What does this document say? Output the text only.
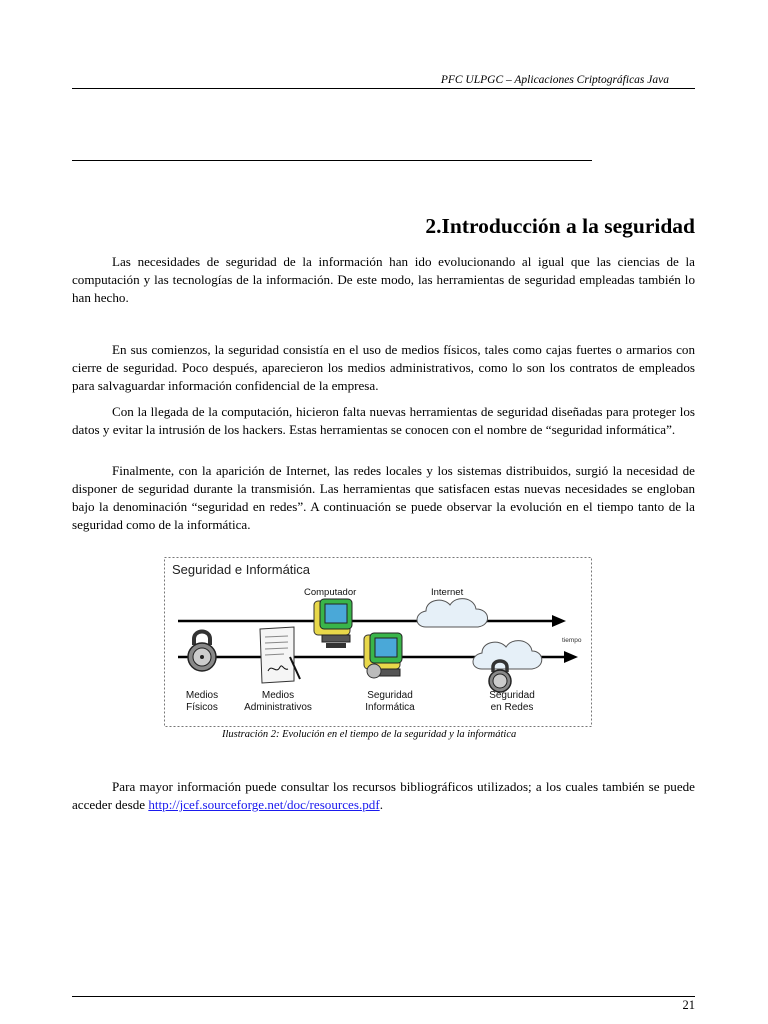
PFC ULPGC – Aplicaciones Criptográficas Java
2.Introducción a la seguridad

Las necesidades de seguridad de la información han ido evolucionando al igual que las ciencias de la computación y las tecnologías de la información. De este modo, las herramientas de seguridad empleadas también lo han hecho.

En sus comienzos, la seguridad consistía en el uso de medios físicos, tales como cajas fuertes o armarios con cierre de seguridad. Poco después, aparecieron los medios administrativos, como lo son los contratos de empleados para salvaguardar información confidencial de la empresa.

Con la llegada de la computación, hicieron falta nuevas herramientas de seguridad diseñadas para proteger los datos y evitar la intrusión de los hackers. Estas herramientas se conocen con el nombre de “seguridad informática”.

Finalmente, con la aparición de Internet, las redes locales y los sistemas distribuidos, surgió la necesidad de disponer de seguridad durante la transmisión. Las herramientas que satisfacen estas nuevas necesidades se engloban bajo la denominación “seguridad en redes”. A continuación se puede observar la evolución en el tiempo tanto de la seguridad como de la informática.

Seguridad e Informática
tiempo
Internet
Computador
Medios
Físicos
Medios
Administrativos
Seguridad
Informática
Seguridad
en Redes
Ilustración 2: Evolución en el tiempo de la seguridad y la informática

Para mayor información puede consultar los recursos bibliográficos utilizados; a los cuales también se puede acceder desde http://jcef.sourceforge.net/doc/resources.pdf.

21
